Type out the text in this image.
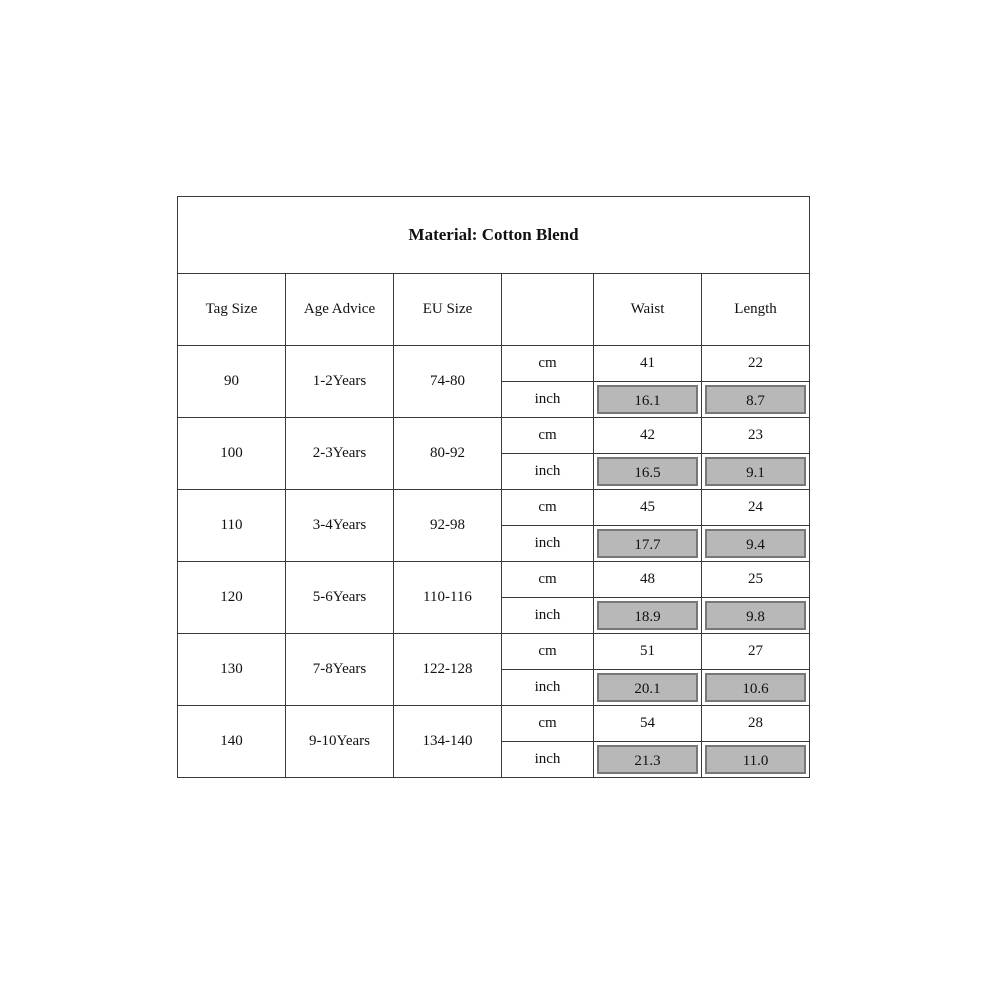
Material: Cotton Blend					
Tag Size	Age Advice	EU Size		Waist	Length
90	1-2Years	74-80	cm	41	22
			inch	16.1	8.7

100	2-3Years	80-92	cm	42	23
			inch	16.5	9.1

110	3-4Years	92-98	cm	45	24
			inch	17.7	9.4

120	5-6Years	110-116	cm	48	25
			inch	18.9	9.8

130	7-8Years	122-128	cm	51	27
			inch	20.1	10.6

140	9-10Years	134-140	cm	54	28
			inch	21.3	11.0
